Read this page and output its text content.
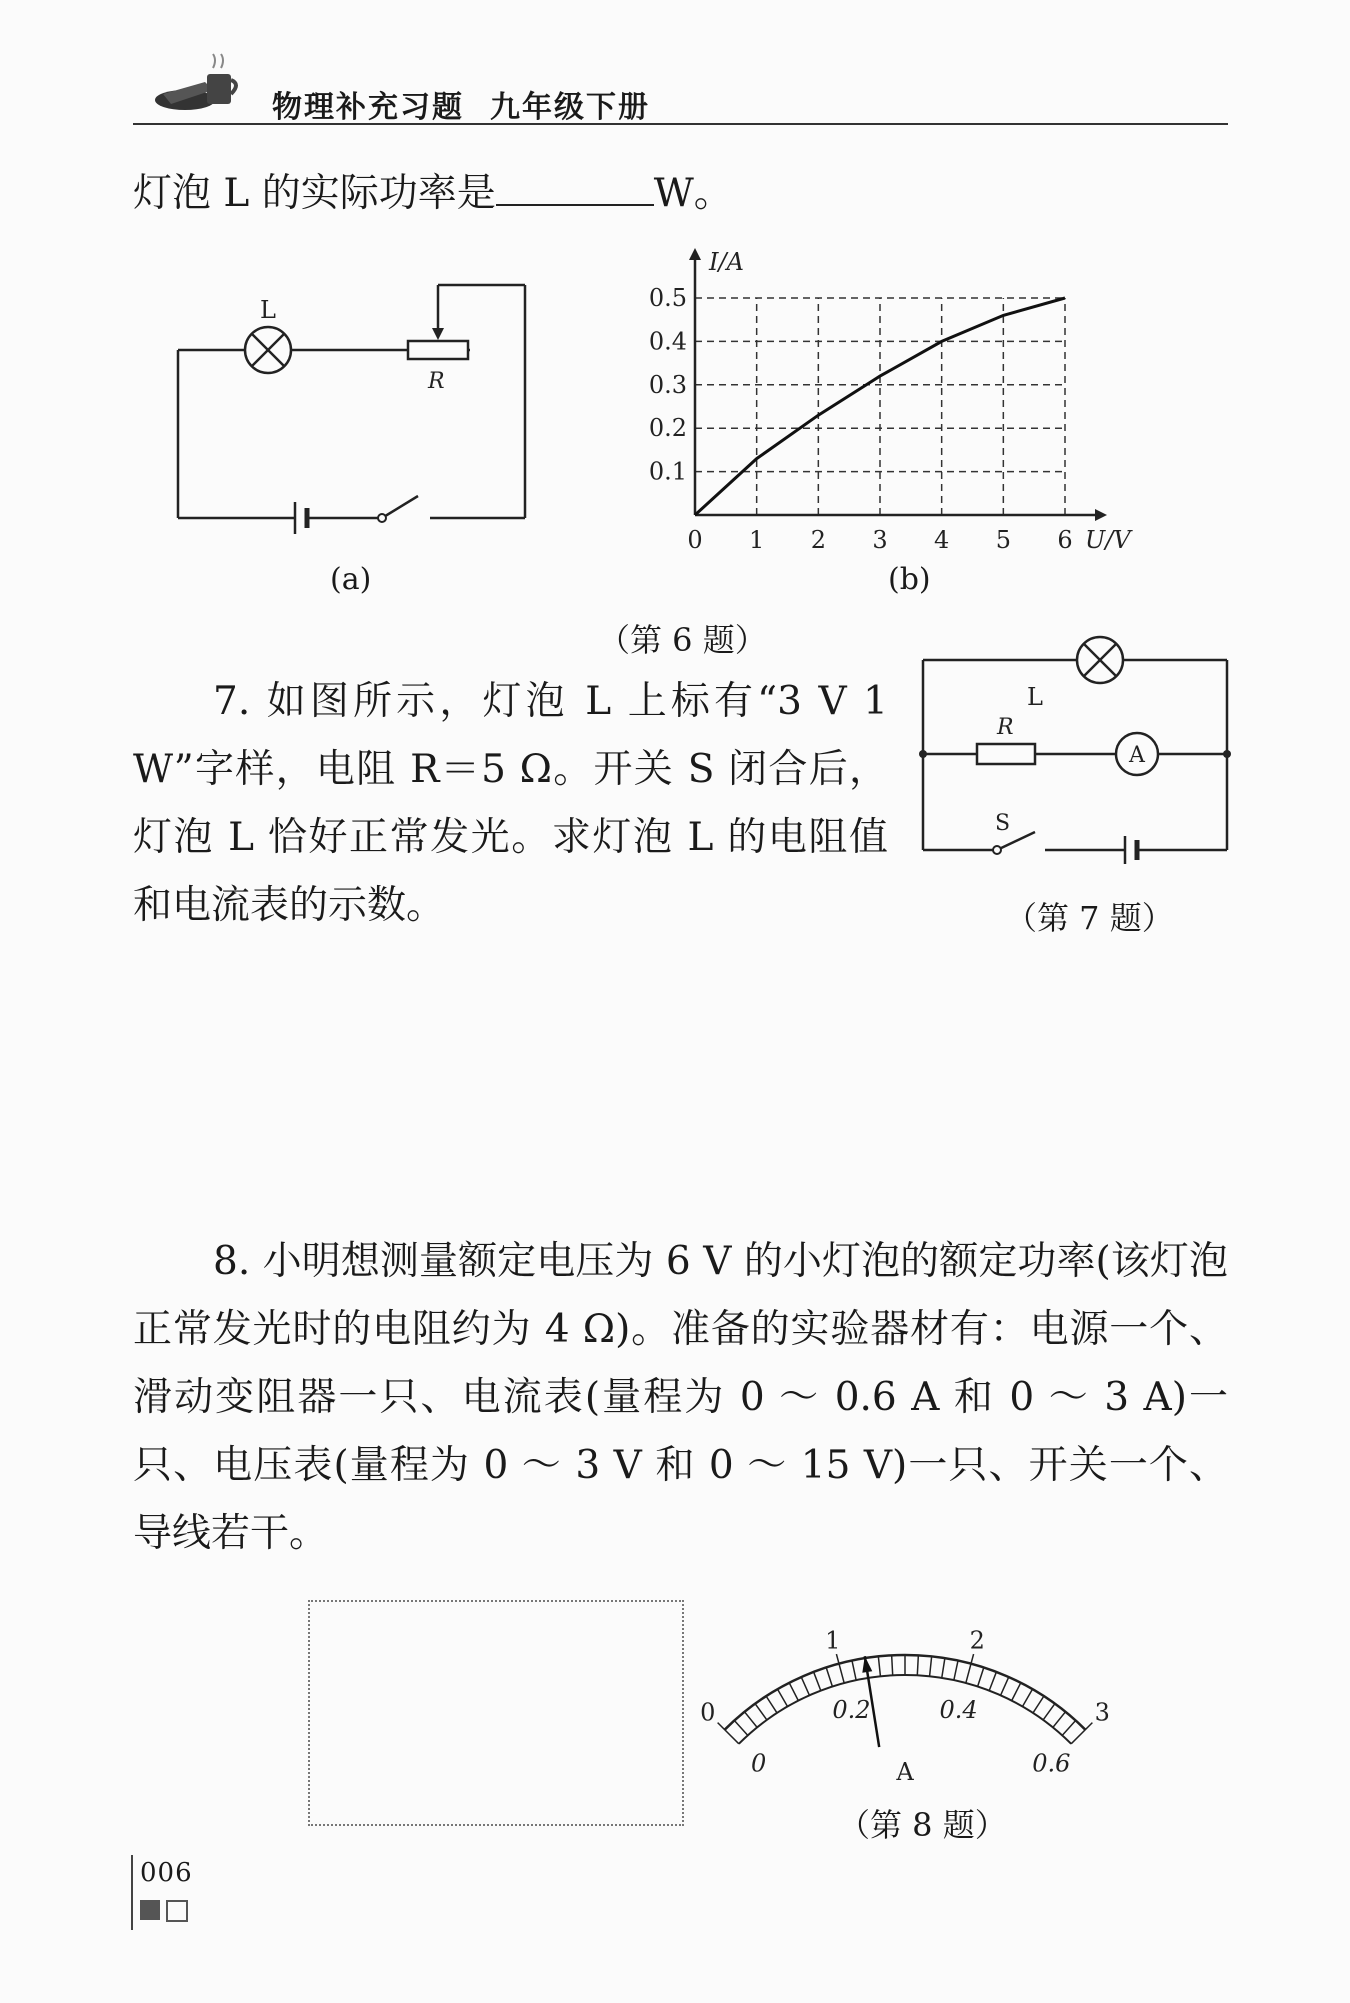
物理补充习题 九年级下册
灯泡 L 的实际功率是	W。
L
R
(a)
0 1 2 3 4 5 6
0.1
0.2
0.3
0.4
0.5
I/A
U/V
(b)
（第 6 题）
7. 如图所示，灯泡 L 上标有“3 V 1 W”字样，电阻 R＝5 Ω。开关 S 闭合后，灯泡 L 恰好正常发光。求灯泡 L 的电阻值和电流表的示数。
L
R
A
S
（第 7 题）
8. 小明想测量额定电压为 6 V 的小灯泡的额定功率(该灯泡正常发光时的电阻约为 4 Ω)。准备的实验器材有：电源一个、滑动变阻器一只、电流表(量程为 0 ～ 0.6 A 和 0 ～ 3 A)一只、电压表(量程为 0 ～ 3 V 和 0 ～ 15 V)一只、开关一个、导线若干。
0
1	2
3
0
0.2	0.4
0.6
A
（第 8 题）
006
